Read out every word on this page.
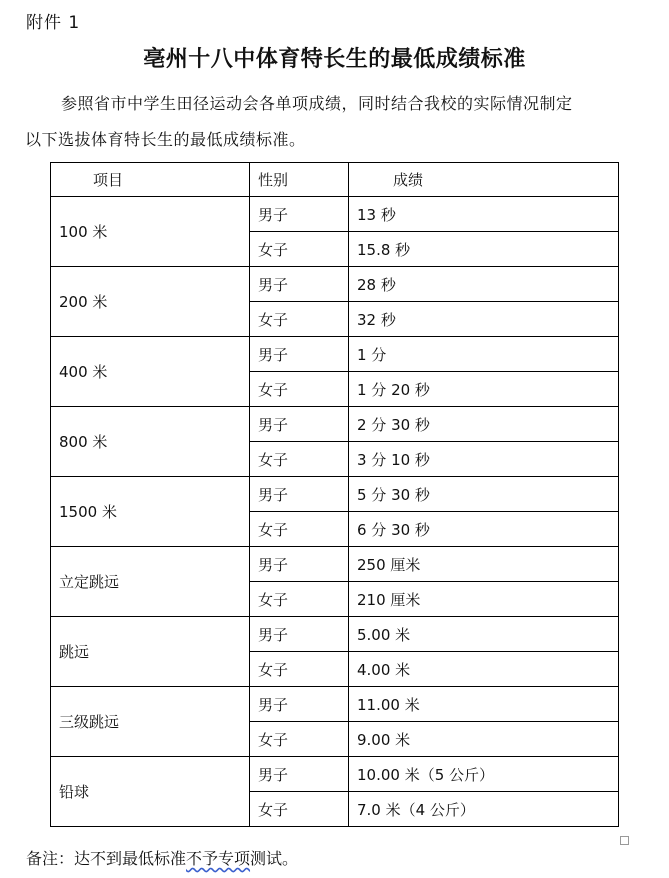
附件 1
亳州十八中体育特长生的最低成绩标准
参照省市中学生田径运动会各单项成绩，同时结合我校的实际情况制定
以下选拔体育特长生的最低成绩标准。
项目	性别	成绩
100 米	男子	13 秒
	女子	15.8 秒
200 米	男子	28 秒
	女子	32 秒
400 米	男子	1 分
	女子	1 分 20 秒
800 米	男子	2 分 30 秒
	女子	3 分 10 秒
1500 米	男子	5 分 30 秒
	女子	6 分 30 秒
立定跳远	男子	250 厘米
	女子	210 厘米
跳远	男子	5.00 米
	女子	4.00 米
三级跳远	男子	11.00 米
	女子	9.00 米
铅球	男子	10.00 米（5 公斤）
	女子	7.0 米（4 公斤）
备注：达不到最低标准不予专项测试。
